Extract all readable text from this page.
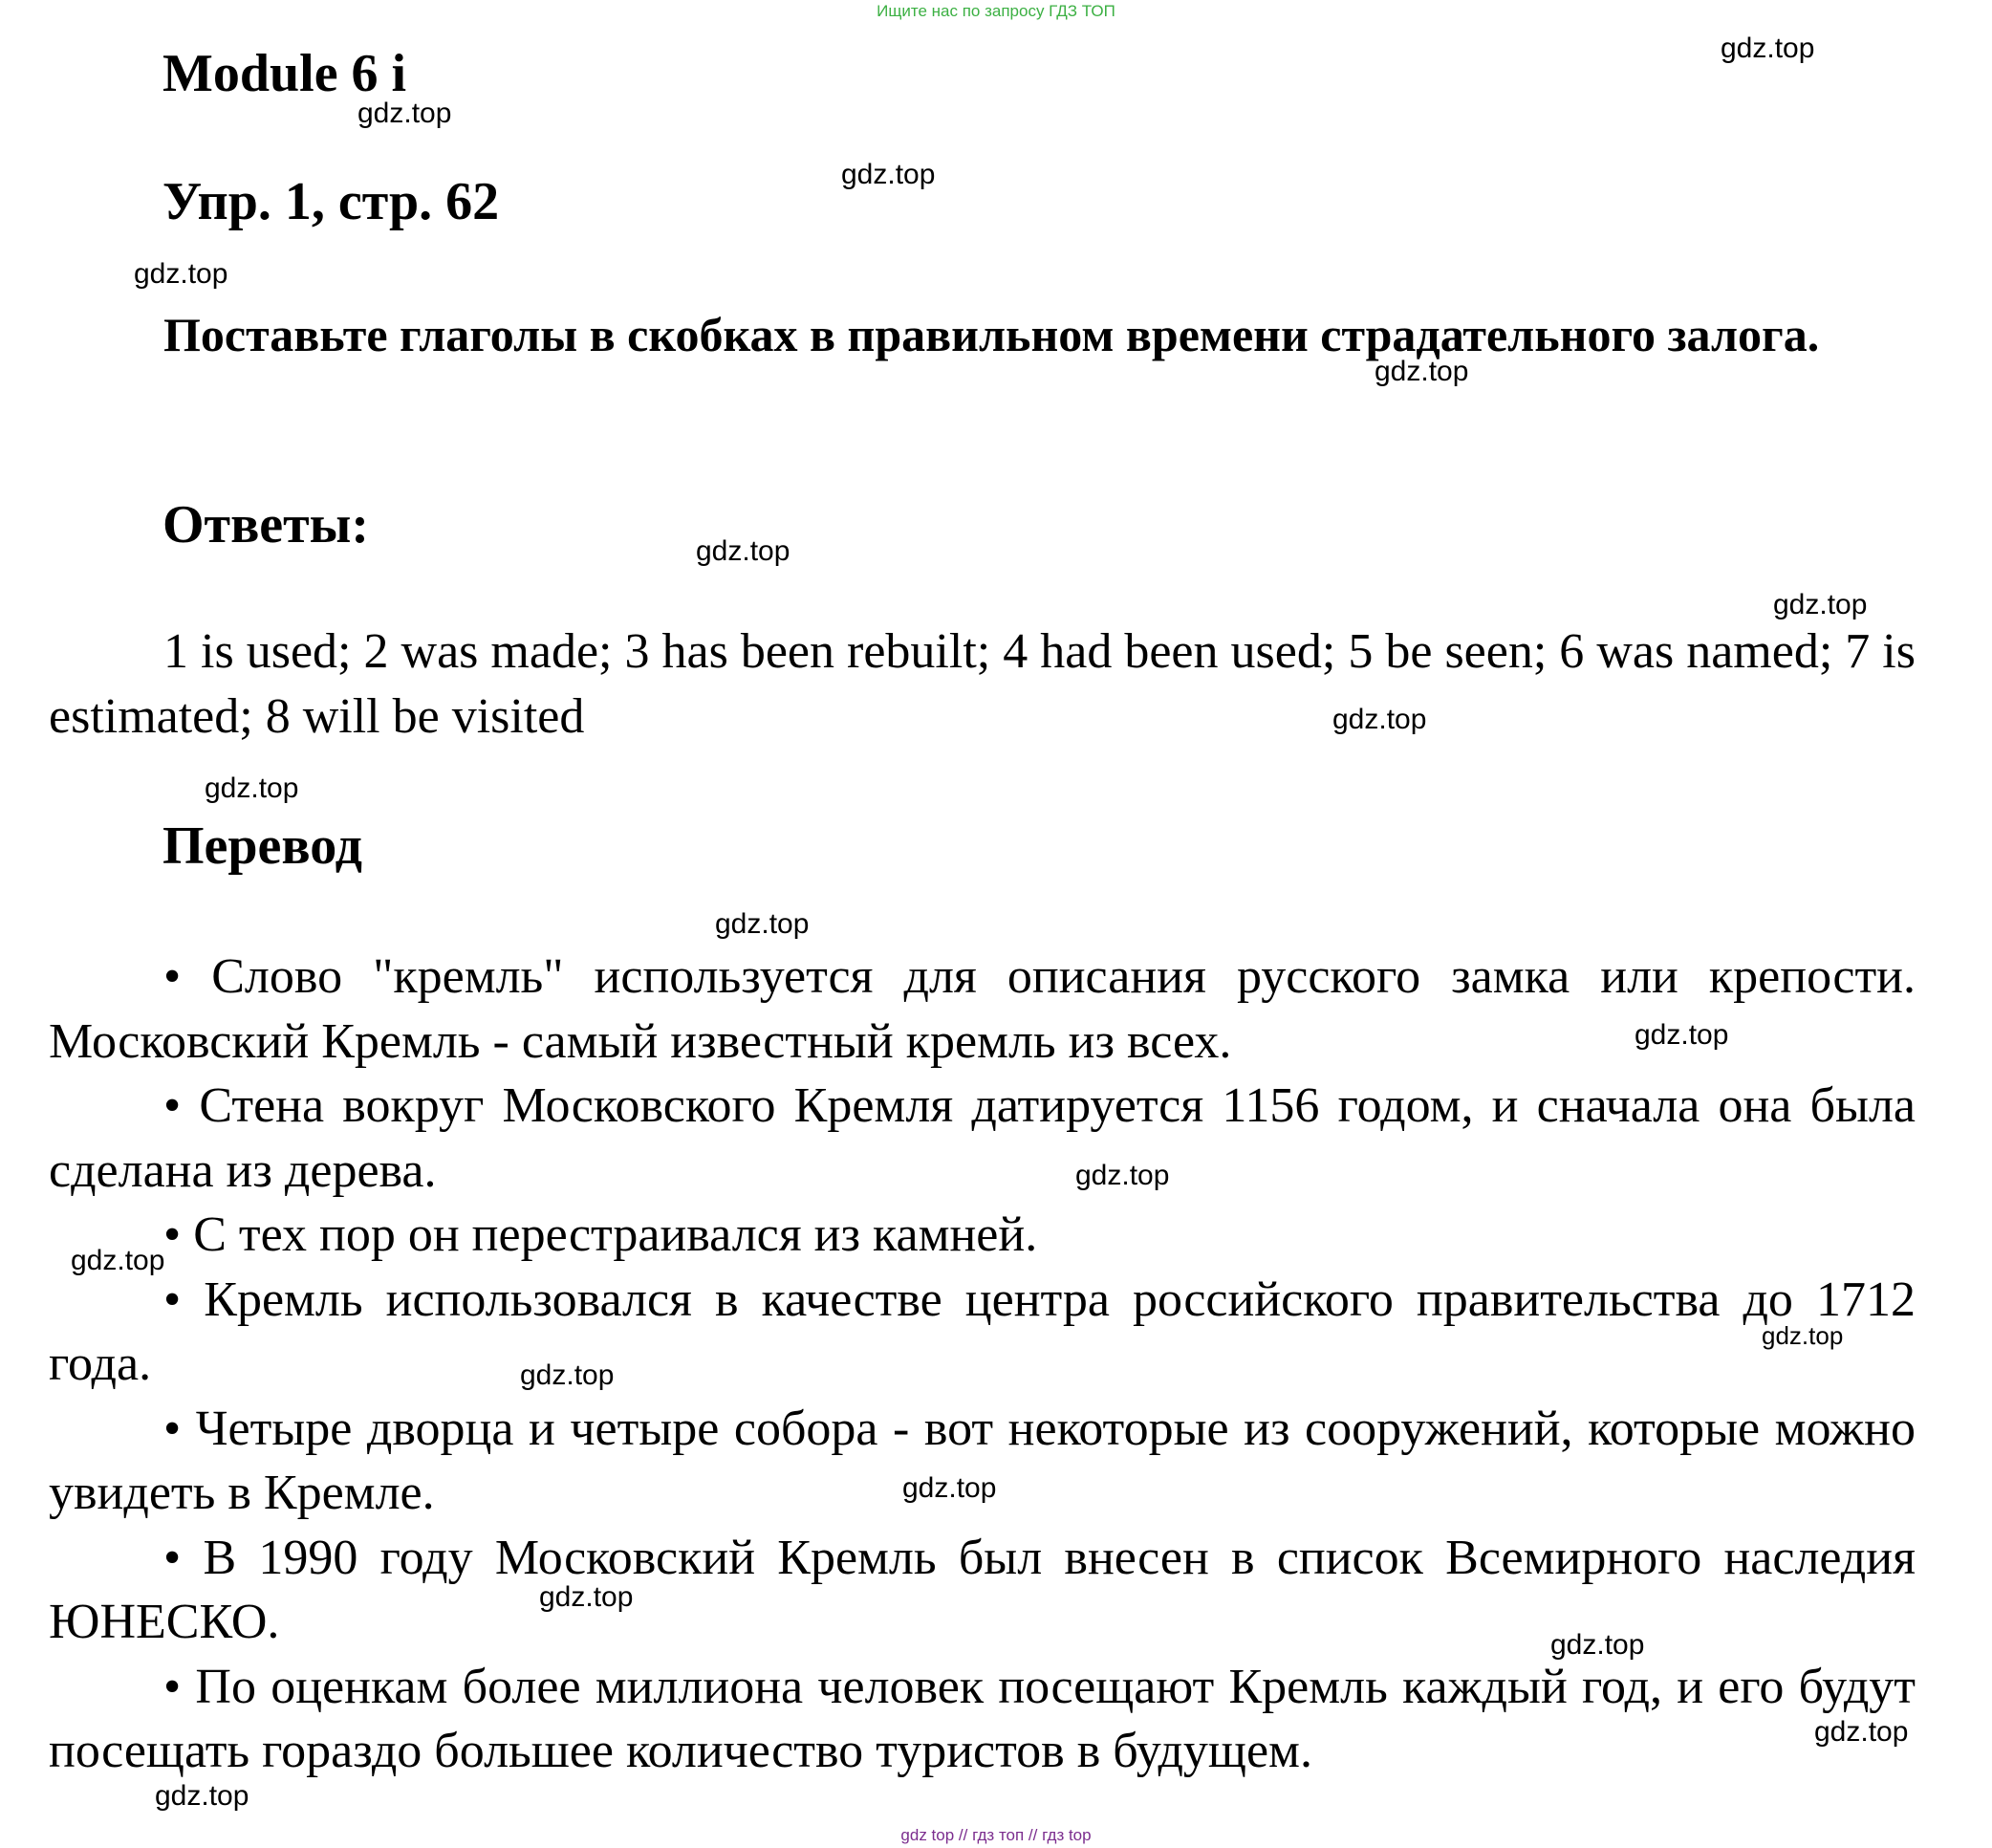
Ищите нас по запросу ГДЗ ТОП
Module 6 i
Упр. 1, стр. 62
Поставьте глаголы в скобках в правильном времени страдательного залога.
Ответы:
1 is used; 2 was made; 3 has been rebuilt; 4 had been used; 5 be seen; 6 was named; 7 is estimated; 8 will be visited
Перевод

• Слово "кремль" используется для описания русского замка или крепости. Московский Кремль - самый известный кремль из всех.

• Стена вокруг Московского Кремля датируется 1156 годом, и сначала она была сделана из дерева.

• С тех пор он перестраивался из камней.

• Кремль использовался в качестве центра российского правительства до 1712 года.

• Четыре дворца и четыре собора - вот некоторые из сооружений, которые можно увидеть в Кремле.

• В 1990 году Московский Кремль был внесен в список Всемирного наследия ЮНЕСКО.

• По оценкам более миллиона человек посещают Кремль каждый год, и его будут посещать гораздо большее количество туристов в будущем.

gdz.top
gdz.top
gdz.top
gdz.top
gdz.top
gdz.top
gdz.top
gdz.top
gdz.top
gdz.top
gdz.top
gdz.top
gdz.top
gdz.top
gdz.top
gdz.top
gdz.top
gdz.top
gdz.top
gdz.top
gdz top // гдз топ // гдз top
